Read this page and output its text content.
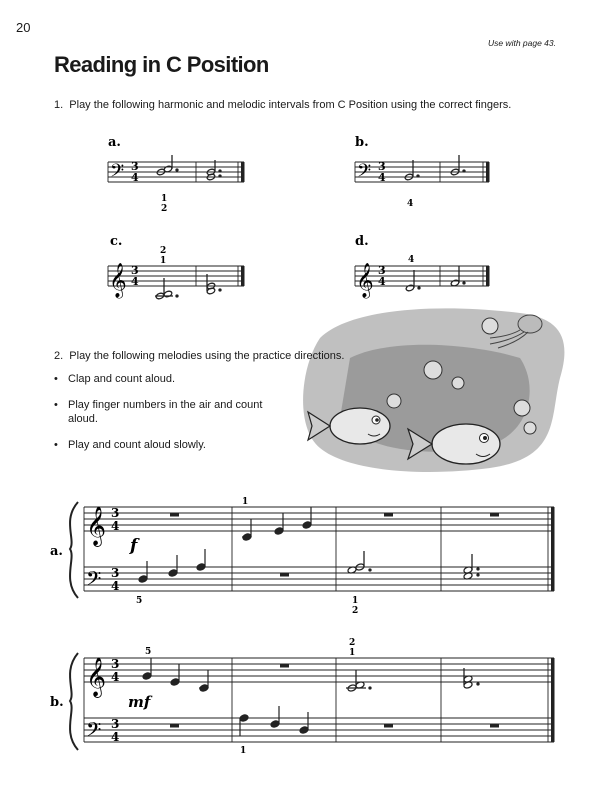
20
Use with page 43.
Reading in C Position
1.  Play the following harmonic and melodic intervals from C Position using the correct fingers.
2.  Play the following melodies using the practice directions.
• Clap and count aloud.
• Play finger numbers in the air and count aloud.
• Play and count aloud slowly.
a.
𝄢 3
4
1
2
b.
𝄢 3
4
4
c.
𝄞 3
4
2
1
d.
𝄞 3
4
4
a.
𝄞
𝄢
3
4
3
4
f
1
5	1
2
b.
𝄞
𝄢
3
4
3
4
5
mf
2
1
1
